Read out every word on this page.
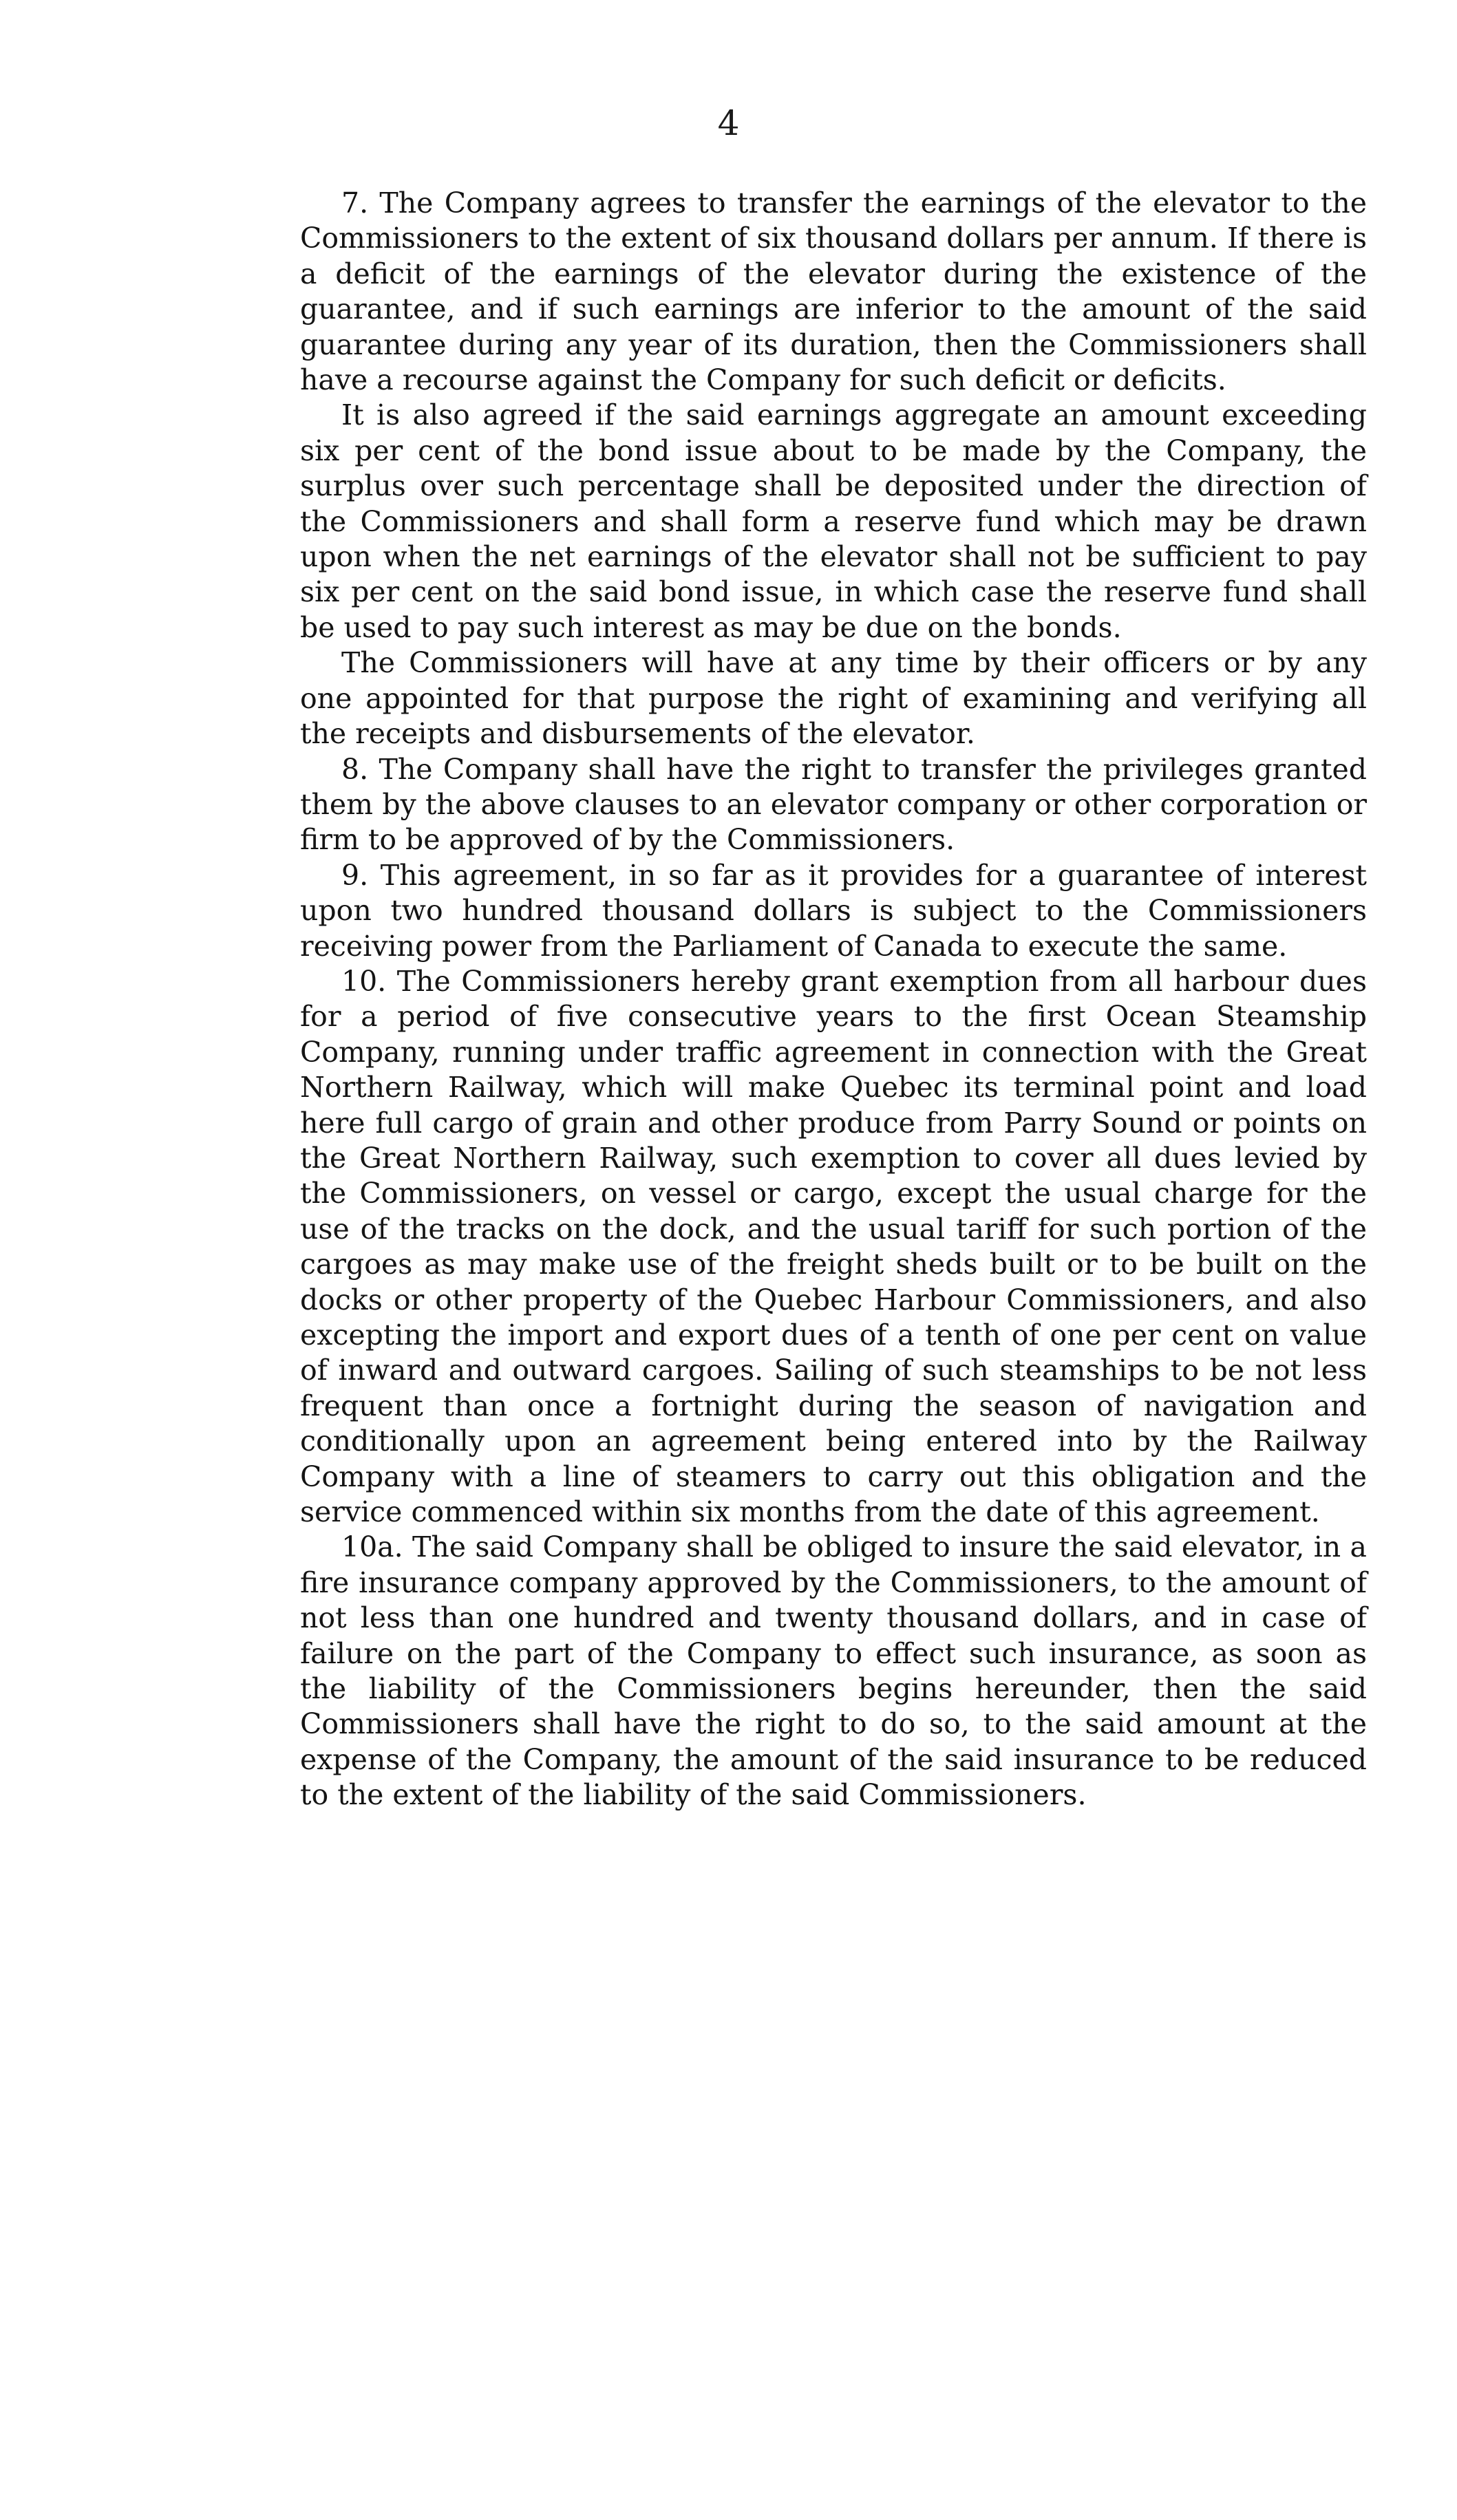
4

7. The Company agrees to transfer the earnings of the elevator to the Commissioners to the extent of six thousand dollars per annum. If there is a deficit of the earnings of the elevator during the existence of the guarantee, and if such earnings are inferior to the amount of the said guarantee during any year of its duration, then the Commissioners shall have a recourse against the Company for such deficit or deficits.

It is also agreed if the said earnings aggregate an amount exceeding six per cent of the bond issue about to be made by the Company, the surplus over such percentage shall be deposited under the direction of the Commissioners and shall form a reserve fund which may be drawn upon when the net earnings of the elevator shall not be sufficient to pay six per cent on the said bond issue, in which case the reserve fund shall be used to pay such interest as may be due on the bonds.

The Commissioners will have at any time by their officers or by any one appointed for that purpose the right of examining and verifying all the receipts and disbursements of the elevator.

8. The Company shall have the right to transfer the privileges granted them by the above clauses to an elevator company or other corporation or firm to be approved of by the Commissioners.

9. This agreement, in so far as it provides for a guarantee of interest upon two hundred thousand dollars is subject to the Commissioners receiving power from the Parliament of Canada to execute the same.

10. The Commissioners hereby grant exemption from all harbour dues for a period of five consecutive years to the first Ocean Steamship Company, running under traffic agreement in connection with the Great Northern Railway, which will make Quebec its terminal point and load here full cargo of grain and other produce from Parry Sound or points on the Great Northern Railway, such exemption to cover all dues levied by the Commissioners, on vessel or cargo, except the usual charge for the use of the tracks on the dock, and the usual tariff for such portion of the cargoes as may make use of the freight sheds built or to be built on the docks or other property of the Quebec Harbour Commissioners, and also excepting the import and export dues of a tenth of one per cent on value of inward and outward cargoes. Sailing of such steamships to be not less frequent than once a fortnight during the season of navigation and conditionally upon an agreement being entered into by the Railway Company with a line of steamers to carry out this obligation and the service commenced within six months from the date of this agreement.

10a. The said Company shall be obliged to insure the said elevator, in a fire insurance company approved by the Commissioners, to the amount of not less than one hundred and twenty thousand dollars, and in case of failure on the part of the Company to effect such insurance, as soon as the liability of the Commissioners begins hereunder, then the said Commissioners shall have the right to do so, to the said amount at the expense of the Company, the amount of the said insurance to be reduced to the extent of the liability of the said Commissioners.
